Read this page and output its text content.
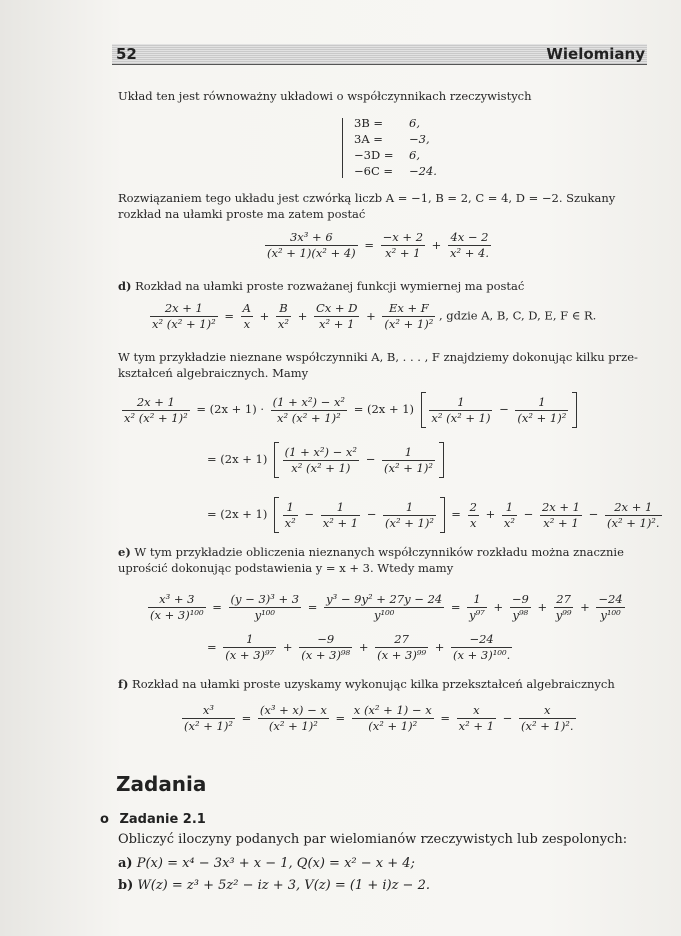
52	Wielomiany
Układ ten jest równoważny układowi o współczynnikach rzeczywistych
3B = 6,
3A = −3,
−3D = 6,
−6C = −24.
Rozwiązaniem tego układu jest czwórką liczb A = −1, B = 2, C = 4, D = −2. Szukany
rozkład na ułamki proste ma zatem postać
$\frac{\text{3x³ + 6}}{\text{(x² + 1)(x² + 4)}} = \frac{-x + 2}{\text{x² + 1}} + \frac{4x - 2}{\text{x² + 4.}}$
d) Rozkład na ułamki proste rozważanej funkcji wymiernej ma postać
$\frac{2x + 1}{\text{x² (x² + 1)²}} = \frac{A}{x} + \frac{B}{\text{x²}} + \frac{Cx + D}{\text{x² + 1}} + \frac{Ex + F}{\text{(x² + 1)²}}$ , gdzie A, B, C, D, E, F ∈ R.
W tym przykładzie nieznane współczynniki A, B, . . . , F znajdziemy dokonując kilku prze-
kształceń algebraicznych. Mamy
$\frac{2x + 1}{\text{x² (x² + 1)²}} = (2x + 1) \cdot \frac{\text{(1 + x²) − x²}}{\text{x² (x² + 1)²}} = (2x + 1) \frac{1}{\text{x² (x² + 1)}} - \frac{1}{\text{(x² + 1)²}}$

= $(2x + 1) \frac{\text{(1 + x²) − x²}}{\text{x² (x² + 1)}} - \frac{1}{\text{(x² + 1)²}}$

= $(2x + 1) \frac{1}{\text{x²}} - \frac{1}{\text{x² + 1}} - \frac{1}{\text{(x² + 1)²}} = \frac{2}{x} + \frac{1}{\text{x²}} - \frac{2x + 1}{\text{x² + 1}} - \frac{2x + 1}{\text{(x² + 1)².}}$
e) W tym przykładzie obliczenia nieznanych współczynników rozkładu można znacznie
uprościć dokonując podstawienia y = x + 3. Wtedy mamy
$\frac{\text{x³ + 3}}{\text{(x + 3)¹⁰⁰}} = \frac{\text{(y − 3)³ + 3}}{\text{y¹⁰⁰}} = \frac{\text{y³ − 9y² + 27y − 24}}{\text{y¹⁰⁰}} = \frac{1}{\text{y⁹⁷}} + \frac{-9}{\text{y⁹⁸}} + \frac{27}{\text{y⁹⁹}} + \frac{-24}{\text{y¹⁰⁰}}$
= $\frac{1}{\text{(x + 3)⁹⁷}} + \frac{-9}{\text{(x + 3)⁹⁸}} + \frac{27}{\text{(x + 3)⁹⁹}} + \frac{-24}{\text{(x + 3)¹⁰⁰.}}$
f) Rozkład na ułamki proste uzyskamy wykonując kilka przekształceń algebraicznych
$\frac{\text{x³}}{\text{(x² + 1)²}} = \frac{\text{(x³ + x) − x}}{\text{(x² + 1)²}} = \frac{\text{x (x² + 1) − x}}{\text{(x² + 1)²}} = \frac{x}{\text{x² + 1}} - \frac{x}{\text{(x² + 1)².}}$
Zadania
o Zadanie 2.1
Obliczyć iloczyny podanych par wielomianów rzeczywistych lub zespolonych:
a) P(x) = x⁴ − 3x³ + x − 1, Q(x) = x² − x + 4;
b) W(z) = z³ + 5z² − iz + 3, V(z) = (1 + i)z − 2.
